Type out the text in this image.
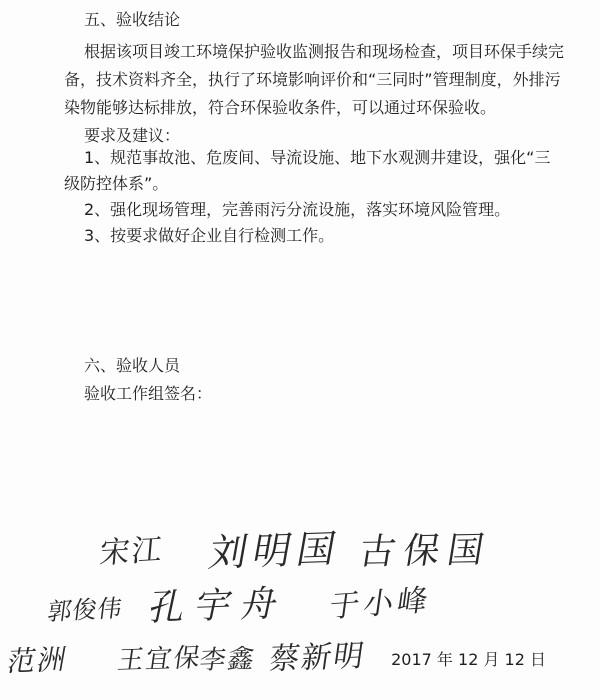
五、验收结论
根据该项目竣工环境保护验收监测报告和现场检查，项目环保手续完
备，技术资料齐全，执行了环境影响评价和“三同时”管理制度，外排污
染物能够达标排放，符合环保验收条件，可以通过环保验收。
要求及建议：
1、规范事故池、危废间、导流设施、地下水观测井建设，强化“三
级防控体系”。
2、强化现场管理，完善雨污分流设施，落实环境风险管理。
3、按要求做好企业自行检测工作。
六、验收人员
验收工作组签名：
宋江 刘明国 古保国
郭俊伟 孔宇舟 于小峰
范洲 王宜保
李鑫 蔡新明 2017 年 12 月 12 日
